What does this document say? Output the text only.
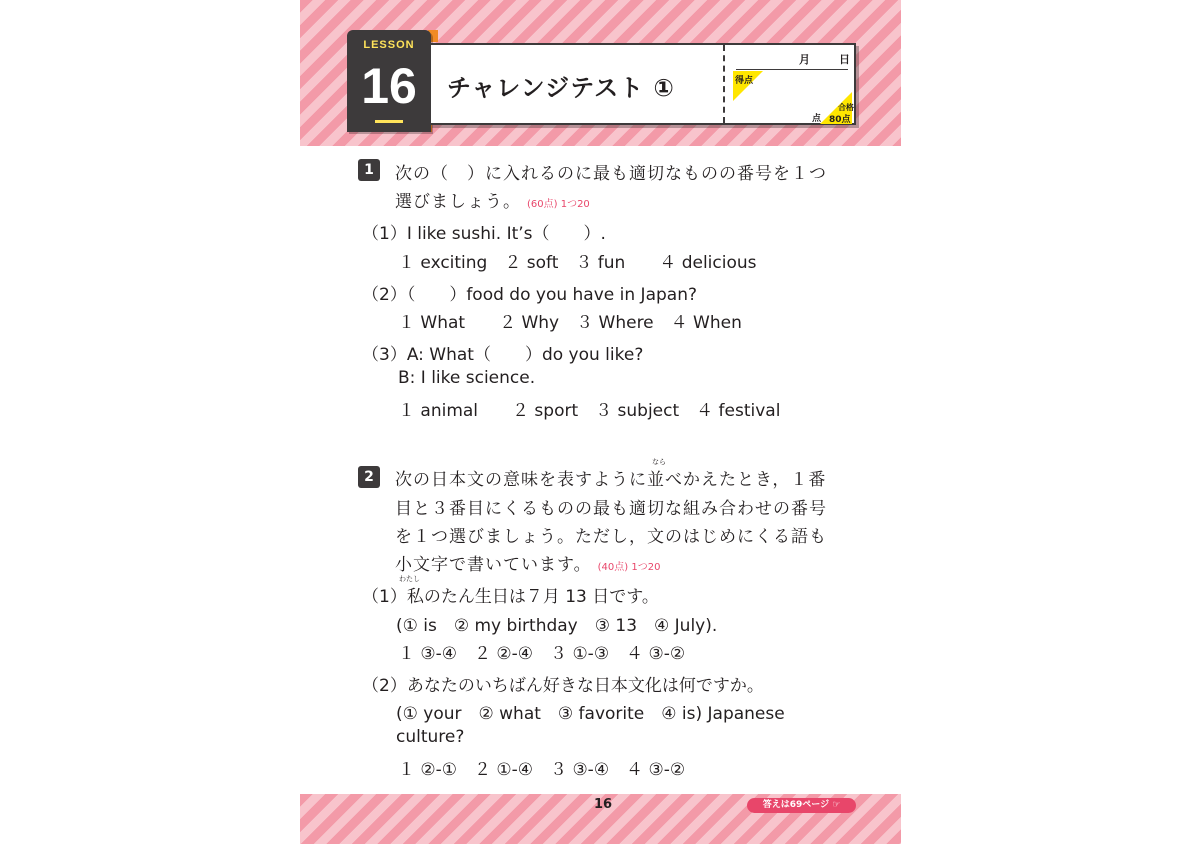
LESSON
16	チャレンジテスト ①
月	日
得点
点
合格
80点
1	次の（　）に入れるのに最も適切なものの番号を１つ
選びましょう。 (60点) 1つ20
（1）I like sushi. It’s（　　）.
１ exciting　２ soft　３ fun　　４ delicious
（2）（　　）food do you have in Japan?
１ What　　２ Why　３ Where　４ When
（3）A: What（　　）do you like?
B: I like science.
１ animal　　２ sport　３ subject　４ festival
なら
2	次の日本文の意味を表すように並べかえたとき，１番
目と３番目にくるものの最も適切な組み合わせの番号
を１つ選びましょう。ただし，文のはじめにくる語も
小文字で書いています。 (40点) 1つ20
わたし
（1）私のたん生日は７月 13 日です。
(① is　② my birthday　③ 13　④ July).
１ ③-④　２ ②-④　３ ①-③　４ ③-②
（2）あなたのいちばん好きな日本文化は何ですか。
(① your　② what　③ favorite　④ is) Japanese
culture?
１ ②-①　２ ①-④　３ ③-④　４ ③-②
16	答えは69ページ ☞
